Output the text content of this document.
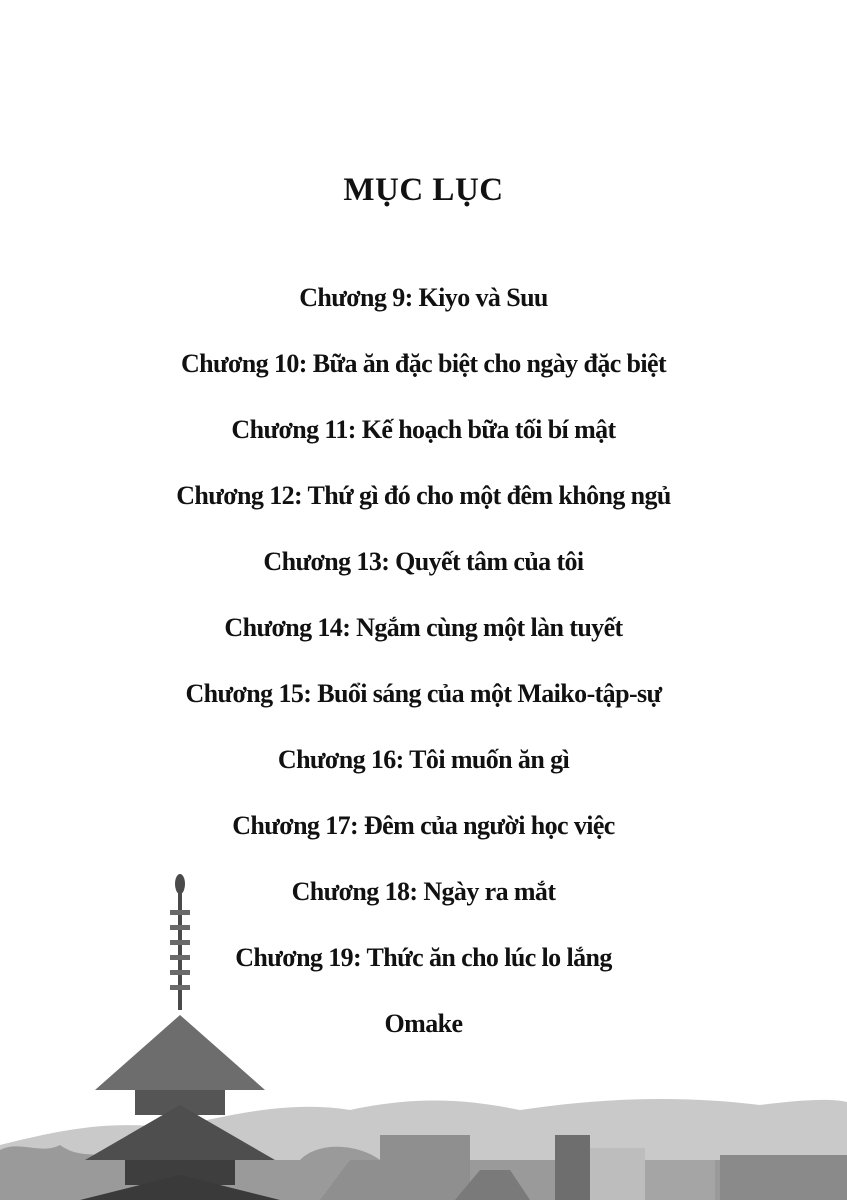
MỤC LỤC
Chương 9: Kiyo và Suu
Chương 10: Bữa ăn đặc biệt cho ngày đặc biệt
Chương 11: Kế hoạch bữa tối bí mật
Chương 12: Thứ gì đó cho một đêm không ngủ
Chương 13: Quyết tâm của tôi
Chương 14: Ngắm cùng một làn tuyết
Chương 15: Buổi sáng của một Maiko-tập-sự
Chương 16: Tôi muốn ăn gì
Chương 17: Đêm của người học việc
Chương 18: Ngày ra mắt
Chương 19: Thức ăn cho lúc lo lắng
Omake
